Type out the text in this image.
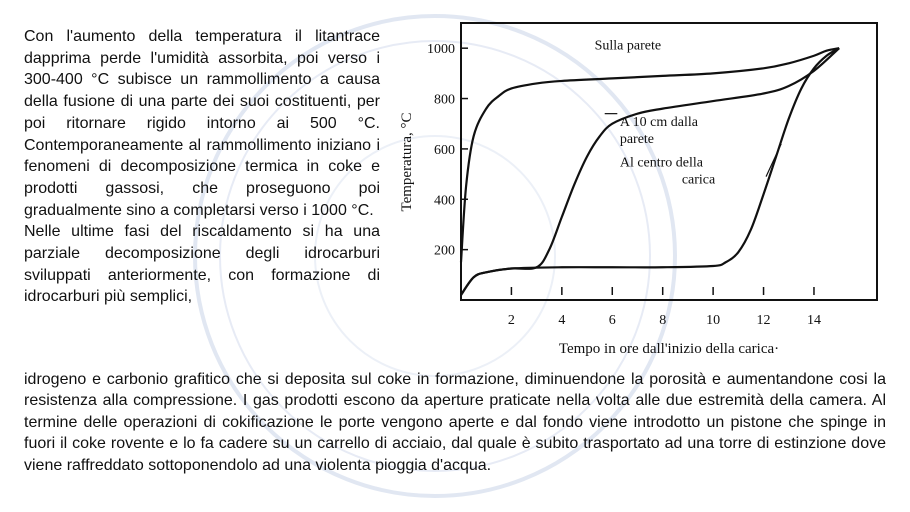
Con l'aumento della temperatura il litantrace dapprima perde l'umidità assorbita, poi verso i 300-400 °C subisce un rammollimento a causa della fusione di una parte dei suoi costituenti, per poi ritornare rigido intorno ai 500 °C. Contemporaneamente al rammollimento iniziano i fenomeni di decomposizione termica in coke e prodotti gassosi, che proseguono poi gradualmente sino a completarsi verso i 1000 °C.

Nelle ultime fasi del riscaldamento si ha una parziale decomposizione degli idrocarburi sviluppati anteriormente, con formazione di idrocarburi più semplici,

200
400
600
800
1000
2	4	6	8	10	12	14
Sulla parete
A 10 cm dalla parete
Al centro della carica
Temperatura, °C
Tempo in ore dall'inizio della carica·

idrogeno e carbonio grafitico che si deposita sul coke in formazione, diminuendone la porosità e aumentandone cosi la resistenza alla compressione. I gas prodotti escono da aperture praticate nella volta alle due estremità della camera. Al termine delle operazioni di cokificazione le porte vengono aperte e dal fondo viene introdotto un pistone che spinge in fuori il coke rovente e lo fa cadere su un carrello di acciaio, dal quale è subito trasportato ad una torre di estinzione dove viene raffreddato sottoponendolo ad una violenta pioggia d'acqua.
